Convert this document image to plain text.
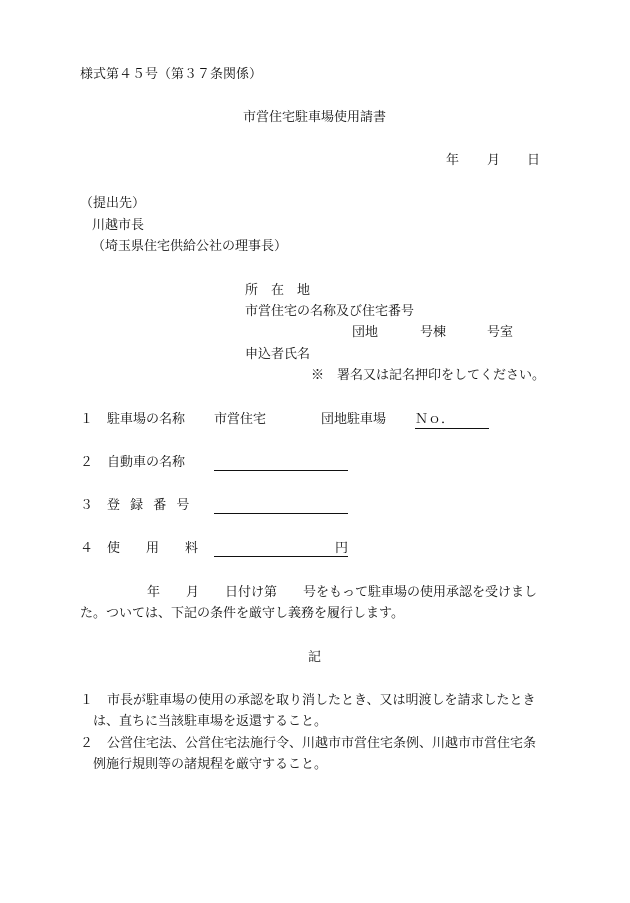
様式第４５号（第３７条関係）
市営住宅駐車場使用請書
年 月 日
（提出先）
川越市長
（埼玉県住宅供給公社の理事長）
所　在　地
市営住宅の名称及び住宅番号
団地	号棟	号室
申込者氏名
※　署名又は記名押印をしてください。
１ 駐車場の名称 市営住宅	団地駐車場 Ｎｏ．
２ 自動車の名称
３ 登 録 番 号
４ 使　　用　　料	円
年　　月　　日付け第　　号をもって駐車場の使用承認を受けまし
た。ついては、下記の条件を厳守し義務を履行します。
記
１ 市長が駐車場の使用の承認を取り消したとき、又は明渡しを請求したとき
は、直ちに当該駐車場を返還すること。
２ 公営住宅法、公営住宅法施行令、川越市市営住宅条例、川越市市営住宅条
例施行規則等の諸規程を厳守すること。
